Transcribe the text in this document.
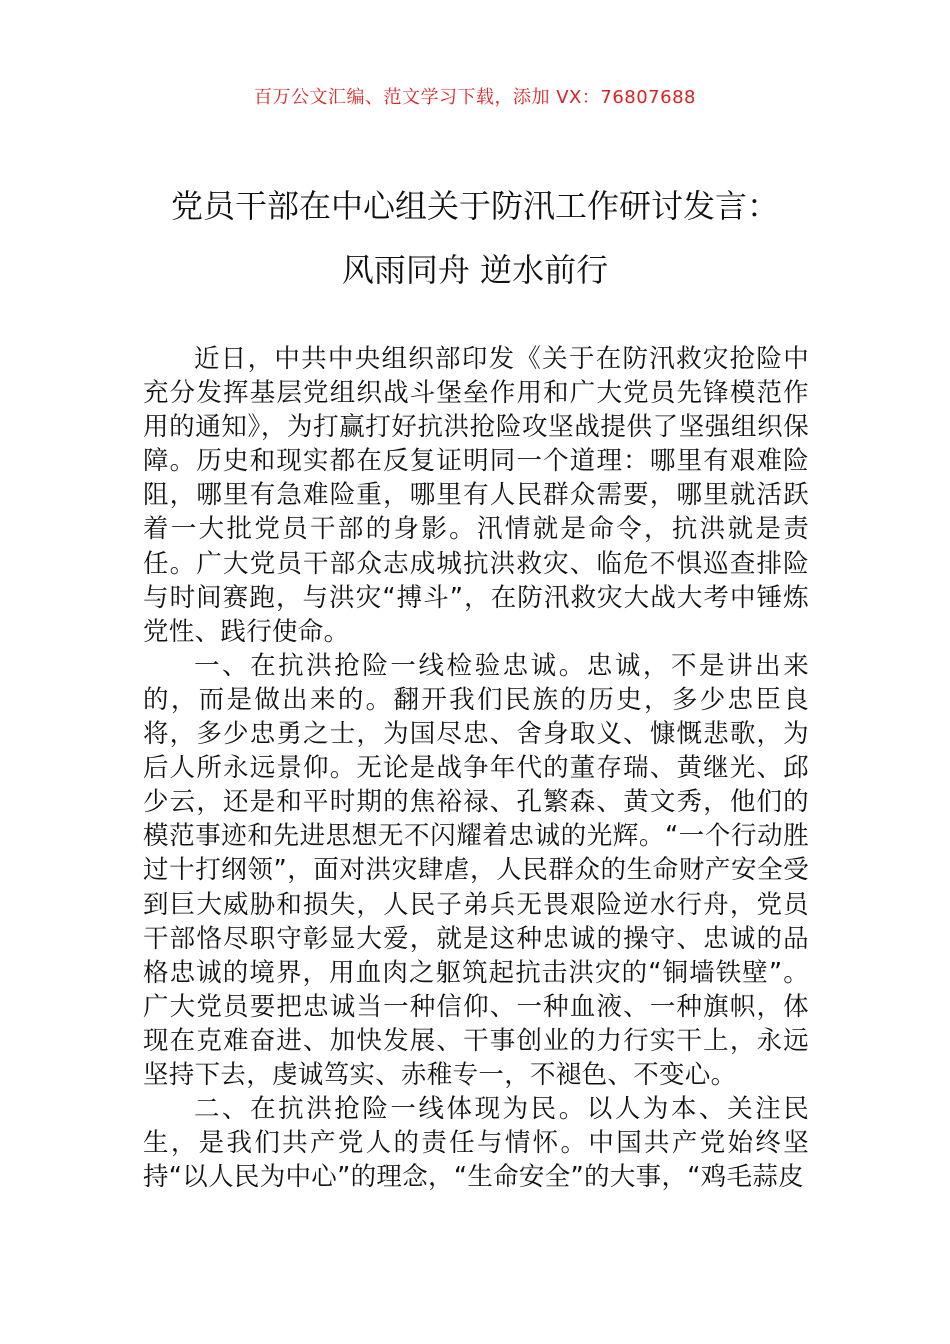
百万公文汇编、范文学习下载，添加 VX：76807688
党员干部在中心组关于防汛工作研讨发言：
风雨同舟 逆水前行

近日，中共中央组织部印发《关于在防汛救灾抢险中充分发挥基层党组织战斗堡垒作用和广大党员先锋模范作用的通知》，为打赢打好抗洪抢险攻坚战提供了坚强组织保障。历史和现实都在反复证明同一个道理：哪里有艰难险阻，哪里有急难险重，哪里有人民群众需要，哪里就活跃着一大批党员干部的身影。汛情就是命令，抗洪就是责任。广大党员干部众志成城抗洪救灾、临危不惧巡查排险与时间赛跑，与洪灾“搏斗”，在防汛救灾大战大考中锤炼党性、践行使命。

一、在抗洪抢险一线检验忠诚。忠诚，不是讲出来的，而是做出来的。翻开我们民族的历史，多少忠臣良将，多少忠勇之士，为国尽忠、舍身取义、慷慨悲歌，为后人所永远景仰。无论是战争年代的董存瑞、黄继光、邱少云，还是和平时期的焦裕禄、孔繁森、黄文秀，他们的模范事迹和先进思想无不闪耀着忠诚的光辉。“一个行动胜过十打纲领”，面对洪灾肆虐，人民群众的生命财产安全受到巨大威胁和损失，人民子弟兵无畏艰险逆水行舟，党员干部恪尽职守彰显大爱，就是这种忠诚的操守、忠诚的品格忠诚的境界，用血肉之躯筑起抗击洪灾的“铜墙铁壁”。广大党员要把忠诚当一种信仰、一种血液、一种旗帜，体现在克难奋进、加快发展、干事创业的力行实干上，永远坚持下去，虔诚笃实、赤稚专一，不褪色、不变心。

二、在抗洪抢险一线体现为民。以人为本、关注民生，是我们共产党人的责任与情怀。中国共产党始终坚持“以人民为中心”的理念，“生命安全”的大事，“鸡毛蒜皮
